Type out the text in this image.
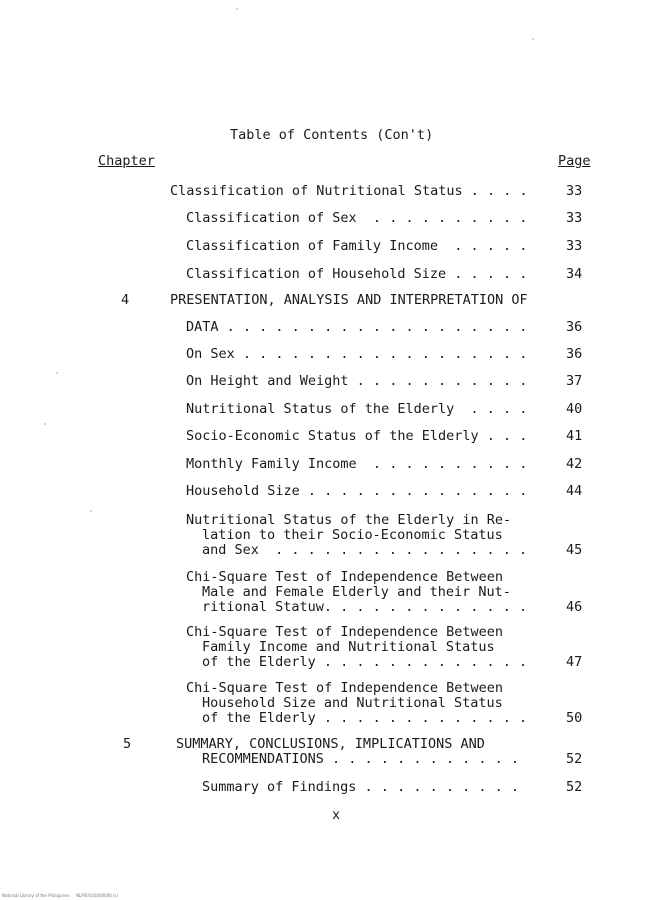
Table of Contents (Con't)
Chapter	Page
Classification of Nutritional Status . . . .	33
Classification of Sex  . . . . . . . . . .	33
Classification of Family Income  . . . . .	33
Classification of Household Size . . . . .	34
4	PRESENTATION, ANALYSIS AND INTERPRETATION OF
DATA . . . . . . . . . . . . . . . . . . .	36
On Sex . . . . . . . . . . . . . . . . . .	36
On Height and Weight . . . . . . . . . . .	37
Nutritional Status of the Elderly  . . . .	40
Socio-Economic Status of the Elderly . . .	41
Monthly Family Income  . . . . . . . . . .	42
Household Size . . . . . . . . . . . . . .	44
Nutritional Status of the Elderly in Re-
lation to their Socio-Economic Status
and Sex  . . . . . . . . . . . . . . . .	45
Chi-Square Test of Independence Between
Male and Female Elderly and their Nut-
ritional Statuw. . . . . . . . . . . . .	46
Chi-Square Test of Independence Between
Family Income and Nutritional Status
of the Elderly . . . . . . . . . . . . .	47
Chi-Square Test of Independence Between
Household Size and Nutritional Status
of the Elderly . . . . . . . . . . . . .	50
5	SUMMARY, CONCLUSIONS, IMPLICATIONS AND
RECOMMENDATIONS . . . . . . . . . . . .	52
Summary of Findings . . . . . . . . . .	52
x
National Library of the Philippines     NLP00101000000 (c)
